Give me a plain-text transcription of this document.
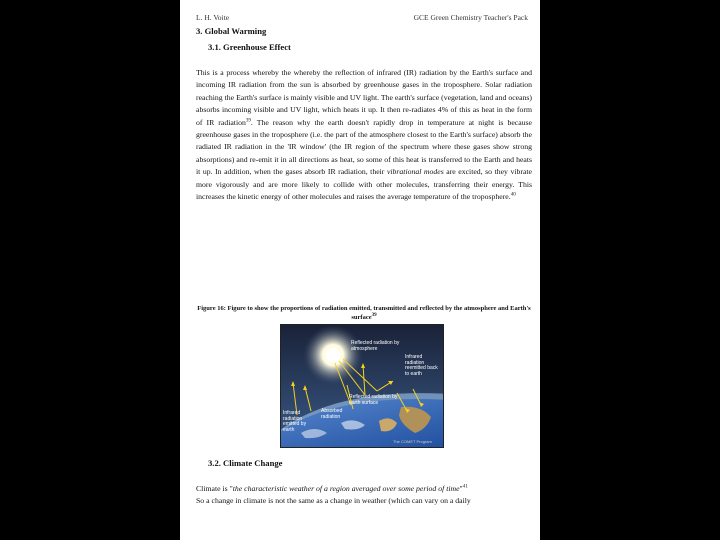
L. H. Voite	GCE Green Chemistry Teacher's Pack
3. Global Warming
3.1. Greenhouse Effect
This is a process whereby the whereby the reflection of infrared (IR) radiation by the Earth's surface and incoming IR radiation from the sun is absorbed by greenhouse gases in the troposphere. Solar radiation reaching the Earth's surface is mainly visible and UV light. The earth's surface (vegetation, land and oceans) absorbs incoming visible and UV light, which heats it up. It then re-radiates 4% of this as heat in the form of IR radiation$^{39}$. The reason why the earth doesn't rapidly drop in temperature at night is because greenhouse gases in the troposphere (i.e. the part of the atmosphere closest to the Earth's surface) absorb the radiated IR radiation in the 'IR window' (the IR region of the spectrum where these gases show strong absorptions) and re-emit it in all directions as heat, so some of this heat is transferred to the Earth and heats it up. In addition, when the gases absorb IR radiation, their vibrational modes are excited, so they vibrate more vigorously and are more likely to collide with other molecules, transferring their energy. This increases the kinetic energy of other molecules and raises the average temperature of the troposphere.$^{40}$
Figure 16: Figure to show the proportions of radiation emitted, transmitted and reflected by the atmosphere and Earth's surface$^{39}$
Reflected radiation by atmosphere
Infrared radiation reemitted back to earth
Reflected radiation by earth surface
Absorbed radiation
Infrared radiation emitted by earth
The COMET Program
3.2. Climate Change
Climate is "the characteristic weather of a region averaged over some period of time"$^{41}$
So a change in climate is not the same as a change in weather (which can vary on a daily
